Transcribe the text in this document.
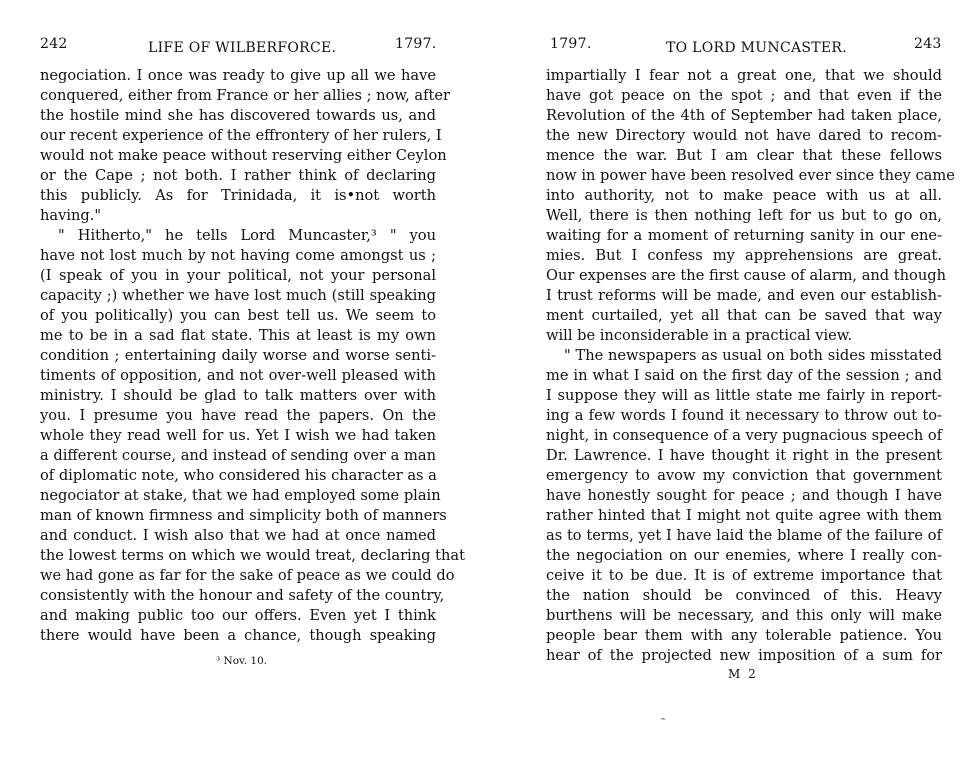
242	LIFE OF WILBERFORCE.	1797.
negociation. I once was ready to give up all we have
conquered, either from France or her allies ; now, after
the hostile mind she has discovered towards us, and
our recent experience of the effrontery of her rulers, I
would not make peace without reserving either Ceylon
or the Cape ; not both. I rather think of declaring
this publicly. As for Trinidada, it is•not worth
having."
" Hitherto," he tells Lord Muncaster,³ " you
have not lost much by not having come amongst us ;
(I speak of you in your political, not your personal
capacity ;) whether we have lost much (still speaking
of you politically) you can best tell us. We seem to
me to be in a sad flat state. This at least is my own
condition ; entertaining daily worse and worse senti-
timents of opposition, and not over-well pleased with
ministry. I should be glad to talk matters over with
you. I presume you have read the papers. On the
whole they read well for us. Yet I wish we had taken
a different course, and instead of sending over a man
of diplomatic note, who considered his character as a
negociator at stake, that we had employed some plain
man of known firmness and simplicity both of manners
and conduct. I wish also that we had at once named
the lowest terms on which we would treat, declaring that
we had gone as far for the sake of peace as we could do
consistently with the honour and safety of the country,
and making public too our offers. Even yet I think
there would have been a chance, though speaking
³ Nov. 10.
1797.	TO LORD MUNCASTER.	243
impartially I fear not a great one, that we should
have got peace on the spot ; and that even if the
Revolution of the 4th of September had taken place,
the new Directory would not have dared to recom-
mence the war. But I am clear that these fellows
now in power have been resolved ever since they came
into authority, not to make peace with us at all.
Well, there is then nothing left for us but to go on,
waiting for a moment of returning sanity in our ene-
mies. But I confess my apprehensions are great.
Our expenses are the first cause of alarm, and though
I trust reforms will be made, and even our establish-
ment curtailed, yet all that can be saved that way
will be inconsiderable in a practical view.
" The newspapers as usual on both sides misstated
me in what I said on the first day of the session ; and
I suppose they will as little state me fairly in report-
ing a few words I found it necessary to throw out to-
night, in consequence of a very pugnacious speech of
Dr. Lawrence. I have thought it right in the present
emergency to avow my conviction that government
have honestly sought for peace ; and though I have
rather hinted that I might not quite agree with them
as to terms, yet I have laid the blame of the failure of
the negociation on our enemies, where I really con-
ceive it to be due. It is of extreme importance that
the nation should be convinced of this. Heavy
burthens will be necessary, and this only will make
people bear them with any tolerable patience. You
hear of the projected new imposition of a sum for
M 2
`
